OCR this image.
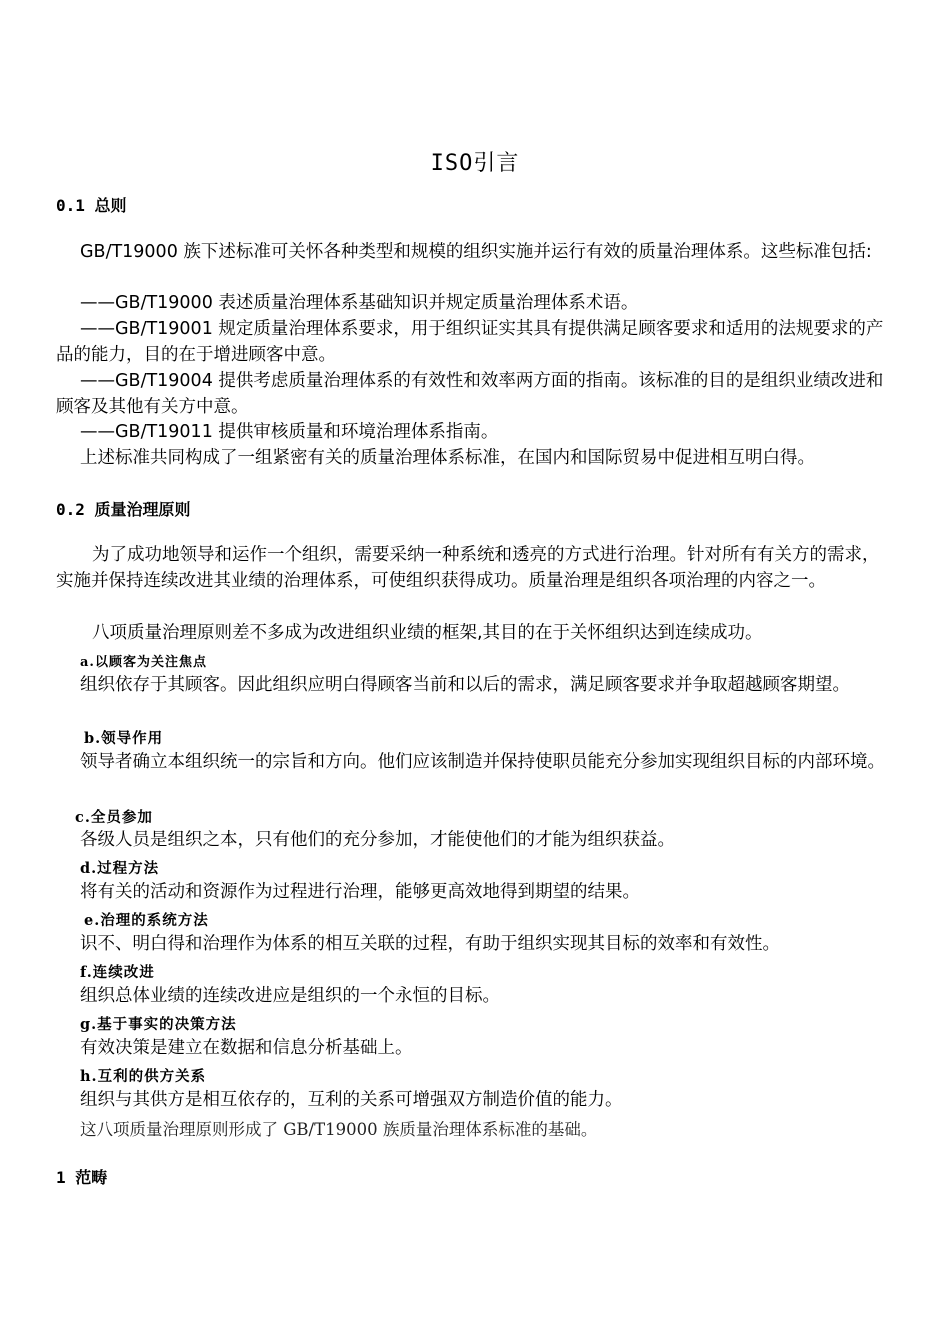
ISO引言
0.1 总则
GB/T19000 族下述标准可关怀各种类型和规模的组织实施并运行有效的质量治理体系。这些标准包括:
——GB/T19000 表述质量治理体系基础知识并规定质量治理体系术语。
——GB/T19001 规定质量治理体系要求，用于组织证实其具有提供满足顾客要求和适用的法规要求的产品的能力，目的在于增进顾客中意。
——GB/T19004 提供考虑质量治理体系的有效性和效率两方面的指南。该标准的目的是组织业绩改进和顾客及其他有关方中意。
——GB/T19011 提供审核质量和环境治理体系指南。
上述标准共同构成了一组紧密有关的质量治理体系标准，在国内和国际贸易中促进相互明白得。
0.2 质量治理原则
为了成功地领导和运作一个组织，需要采纳一种系统和透亮的方式进行治理。针对所有有关方的需求，实施并保持连续改进其业绩的治理体系，可使组织获得成功。质量治理是组织各项治理的内容之一。
八项质量治理原则差不多成为改进组织业绩的框架,其目的在于关怀组织达到连续成功。
a.以顾客为关注焦点
组织依存于其顾客。因此组织应明白得顾客当前和以后的需求，满足顾客要求并争取超越顾客期望。
b.领导作用
领导者确立本组织统一的宗旨和方向。他们应该制造并保持使职员能充分参加实现组织目标的内部环境。
c.全员参加
各级人员是组织之本，只有他们的充分参加，才能使他们的才能为组织获益。
d.过程方法
将有关的活动和资源作为过程进行治理，能够更高效地得到期望的结果。
e.治理的系统方法
识不、明白得和治理作为体系的相互关联的过程，有助于组织实现其目标的效率和有效性。
f.连续改进
组织总体业绩的连续改进应是组织的一个永恒的目标。
g.基于事实的决策方法
有效决策是建立在数据和信息分析基础上。
h.互利的供方关系
组织与其供方是相互依存的，互利的关系可增强双方制造价值的能力。
这八项质量治理原则形成了 GB/T19000 族质量治理体系标准的基础。
1 范畴
